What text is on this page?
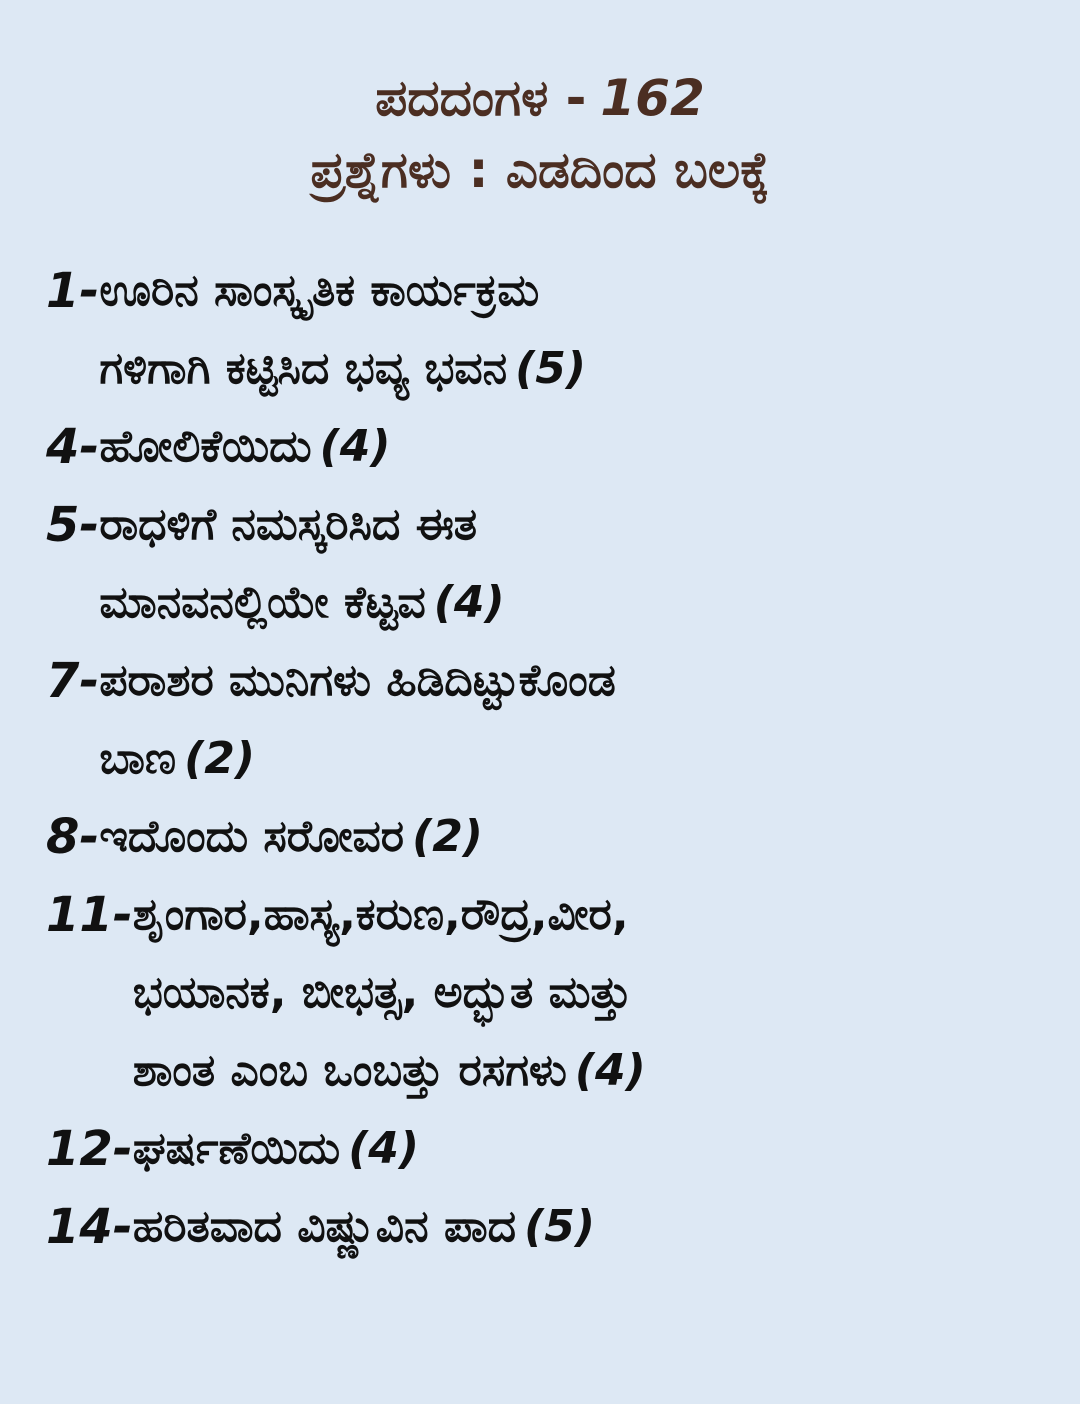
ಪದದಂಗಳ - 162
ಪ್ರಶ್ನೆಗಳು : ಎಡದಿಂದ ಬಲಕ್ಕೆ
1- ಊರಿನ ಸಾಂಸ್ಕೃತಿಕ ಕಾರ್ಯಕ್ರಮ
ಗಳಿಗಾಗಿ ಕಟ್ಟಿಸಿದ ಭವ್ಯ ಭವನ (5)
4- ಹೋಲಿಕೆಯಿದು (4)
5- ರಾಧಳಿಗೆ ನಮಸ್ಕರಿಸಿದ ಈತ
ಮಾನವನಲ್ಲಿಯೇ ಕೆಟ್ಟವ (4)
7- ಪರಾಶರ ಮುನಿಗಳು ಹಿಡಿದಿಟ್ಟುಕೊಂಡ
ಬಾಣ (2)
8- ಇದೊಂದು ಸರೋವರ (2)
11- ಶೃಂಗಾರ,ಹಾಸ್ಯ,ಕರುಣ,ರೌದ್ರ,ವೀರ,
ಭಯಾನಕ, ಬೀಭತ್ಸ, ಅದ್ಭುತ ಮತ್ತು
ಶಾಂತ ಎಂಬ ಒಂಬತ್ತು ರಸಗಳು (4)
12- ಘರ್ಷಣೆಯಿದು (4)
14- ಹರಿತವಾದ ವಿಷ್ಣುವಿನ ಪಾದ (5)
